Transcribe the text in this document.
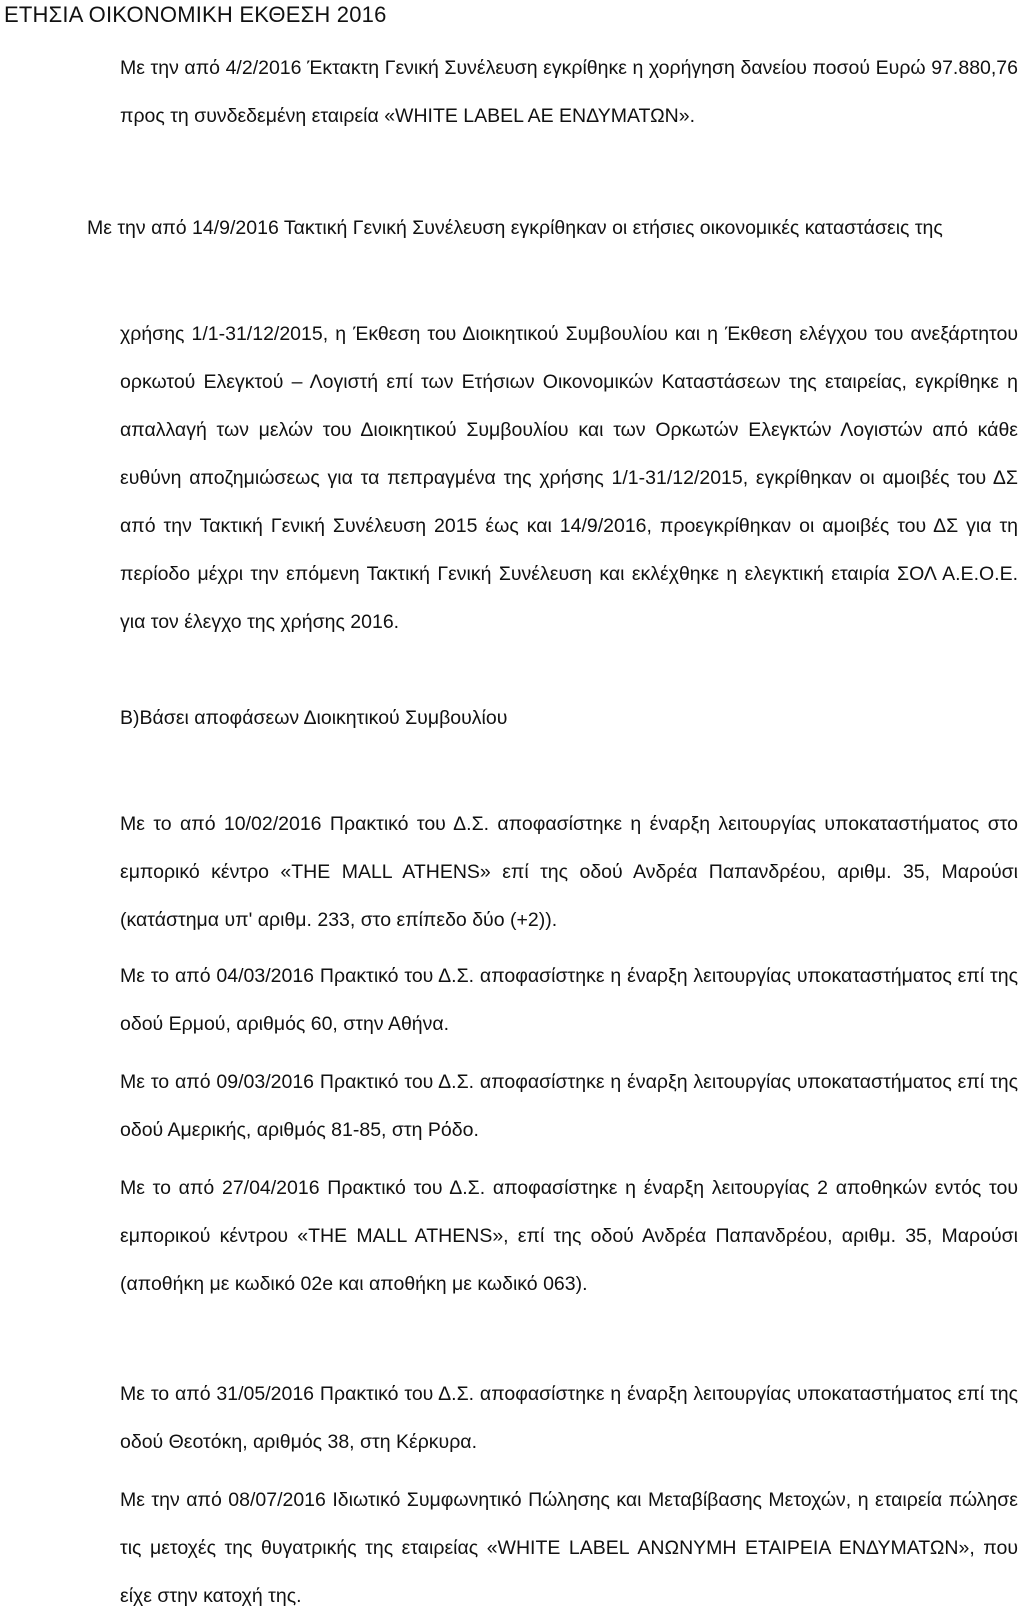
ΕΤΗΣΙΑ ΟΙΚΟΝΟΜΙΚΗ ΕΚΘΕΣΗ 2016

Με την από 4/2/2016 Έκτακτη Γενική Συνέλευση εγκρίθηκε η χορήγηση δανείου ποσού Ευρώ 97.880,76 προς τη συνδεδεμένη εταιρεία «WHITE LABEL AE ΕΝΔΥΜΑΤΩΝ».

Με την από 14/9/2016 Τακτική Γενική Συνέλευση εγκρίθηκαν οι ετήσιες οικονομικές καταστάσεις της

χρήσης 1/1-31/12/2015, η Έκθεση του Διοικητικού Συμβουλίου και η Έκθεση ελέγχου του ανεξάρτητου ορκωτού Ελεγκτού – Λογιστή επί των Ετήσιων Οικονομικών Καταστάσεων της εταιρείας, εγκρίθηκε η απαλλαγή των μελών του Διοικητικού Συμβουλίου και των Ορκωτών Ελεγκτών Λογιστών από κάθε ευθύνη αποζημιώσεως για τα πεπραγμένα της χρήσης 1/1-31/12/2015, εγκρίθηκαν οι αμοιβές του ΔΣ από την Τακτική Γενική Συνέλευση 2015 έως και 14/9/2016, προεγκρίθηκαν οι αμοιβές του ΔΣ για τη περίοδο μέχρι την επόμενη Τακτική Γενική Συνέλευση και εκλέχθηκε η ελεγκτική εταιρία ΣΟΛ Α.Ε.Ο.Ε. για τον έλεγχο της χρήσης 2016.

Β)Βάσει αποφάσεων Διοικητικού Συμβουλίου

Με το από 10/02/2016 Πρακτικό του Δ.Σ. αποφασίστηκε η έναρξη λειτουργίας υποκαταστήματος στο εμπορικό κέντρο «THE MALL ATHENS» επί της οδού Ανδρέα Παπανδρέου, αριθμ. 35, Μαρούσι (κατάστημα υπ' αριθμ. 233, στο επίπεδο δύο (+2)).

Με το από 04/03/2016 Πρακτικό του Δ.Σ. αποφασίστηκε η έναρξη λειτουργίας υποκαταστήματος επί της οδού Ερμού, αριθμός 60, στην Αθήνα.

Με το από 09/03/2016 Πρακτικό του Δ.Σ. αποφασίστηκε η έναρξη λειτουργίας υποκαταστήματος επί της οδού Αμερικής, αριθμός 81-85, στη Ρόδο.

Με το από 27/04/2016 Πρακτικό του Δ.Σ. αποφασίστηκε η έναρξη λειτουργίας 2 αποθηκών εντός του εμπορικού κέντρου «THE MALL ATHENS», επί της οδού Ανδρέα Παπανδρέου, αριθμ. 35, Μαρούσι (αποθήκη με κωδικό 02e και αποθήκη με κωδικό 063).

Με το από 31/05/2016 Πρακτικό του Δ.Σ. αποφασίστηκε η έναρξη λειτουργίας υποκαταστήματος επί της οδού Θεοτόκη, αριθμός 38, στη Κέρκυρα.

Με την από 08/07/2016 Ιδιωτικό Συμφωνητικό Πώλησης και Μεταβίβασης Μετοχών, η εταιρεία πώλησε τις μετοχές της θυγατρικής της εταιρείας «WHITE LABEL ΑΝΩΝΥΜΗ ΕΤΑΙΡΕΙΑ ΕΝΔΥΜΑΤΩΝ», που είχε στην κατοχή της.
